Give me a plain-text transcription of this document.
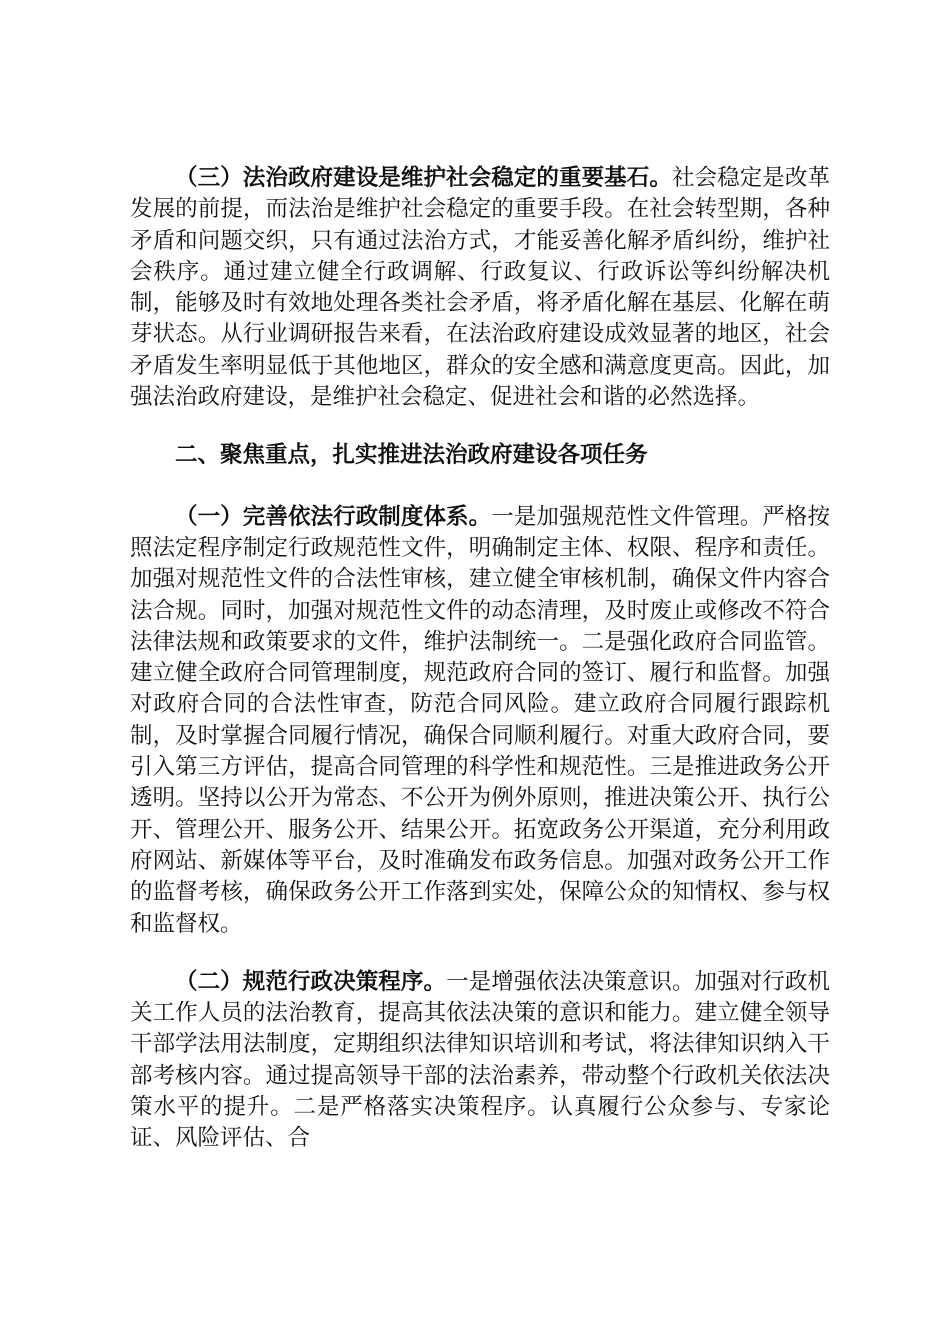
（三）法治政府建设是维护社会稳定的重要基石。社会稳定是改革发展的前提，而法治是维护社会稳定的重要手段。在社会转型期，各种矛盾和问题交织，只有通过法治方式，才能妥善化解矛盾纠纷，维护社会秩序。通过建立健全行政调解、行政复议、行政诉讼等纠纷解决机制，能够及时有效地处理各类社会矛盾，将矛盾化解在基层、化解在萌芽状态。从行业调研报告来看，在法治政府建设成效显著的地区，社会矛盾发生率明显低于其他地区，群众的安全感和满意度更高。因此，加强法治政府建设，是维护社会稳定、促进社会和谐的必然选择。

二、聚焦重点，扎实推进法治政府建设各项任务

（一）完善依法行政制度体系。一是加强规范性文件管理。严格按照法定程序制定行政规范性文件，明确制定主体、权限、程序和责任。加强对规范性文件的合法性审核，建立健全审核机制，确保文件内容合法合规。同时，加强对规范性文件的动态清理，及时废止或修改不符合法律法规和政策要求的文件，维护法制统一。二是强化政府合同监管。建立健全政府合同管理制度，规范政府合同的签订、履行和监督。加强对政府合同的合法性审查，防范合同风险。建立政府合同履行跟踪机制，及时掌握合同履行情况，确保合同顺利履行。对重大政府合同，要引入第三方评估，提高合同管理的科学性和规范性。三是推进政务公开透明。坚持以公开为常态、不公开为例外原则，推进决策公开、执行公开、管理公开、服务公开、结果公开。拓宽政务公开渠道，充分利用政府网站、新媒体等平台，及时准确发布政务信息。加强对政务公开工作的监督考核，确保政务公开工作落到实处，保障公众的知情权、参与权和监督权。

（二）规范行政决策程序。一是增强依法决策意识。加强对行政机关工作人员的法治教育，提高其依法决策的意识和能力。建立健全领导干部学法用法制度，定期组织法律知识培训和考试，将法律知识纳入干部考核内容。通过提高领导干部的法治素养，带动整个行政机关依法决策水平的提升。二是严格落实决策程序。认真履行公众参与、专家论证、风险评估、合
